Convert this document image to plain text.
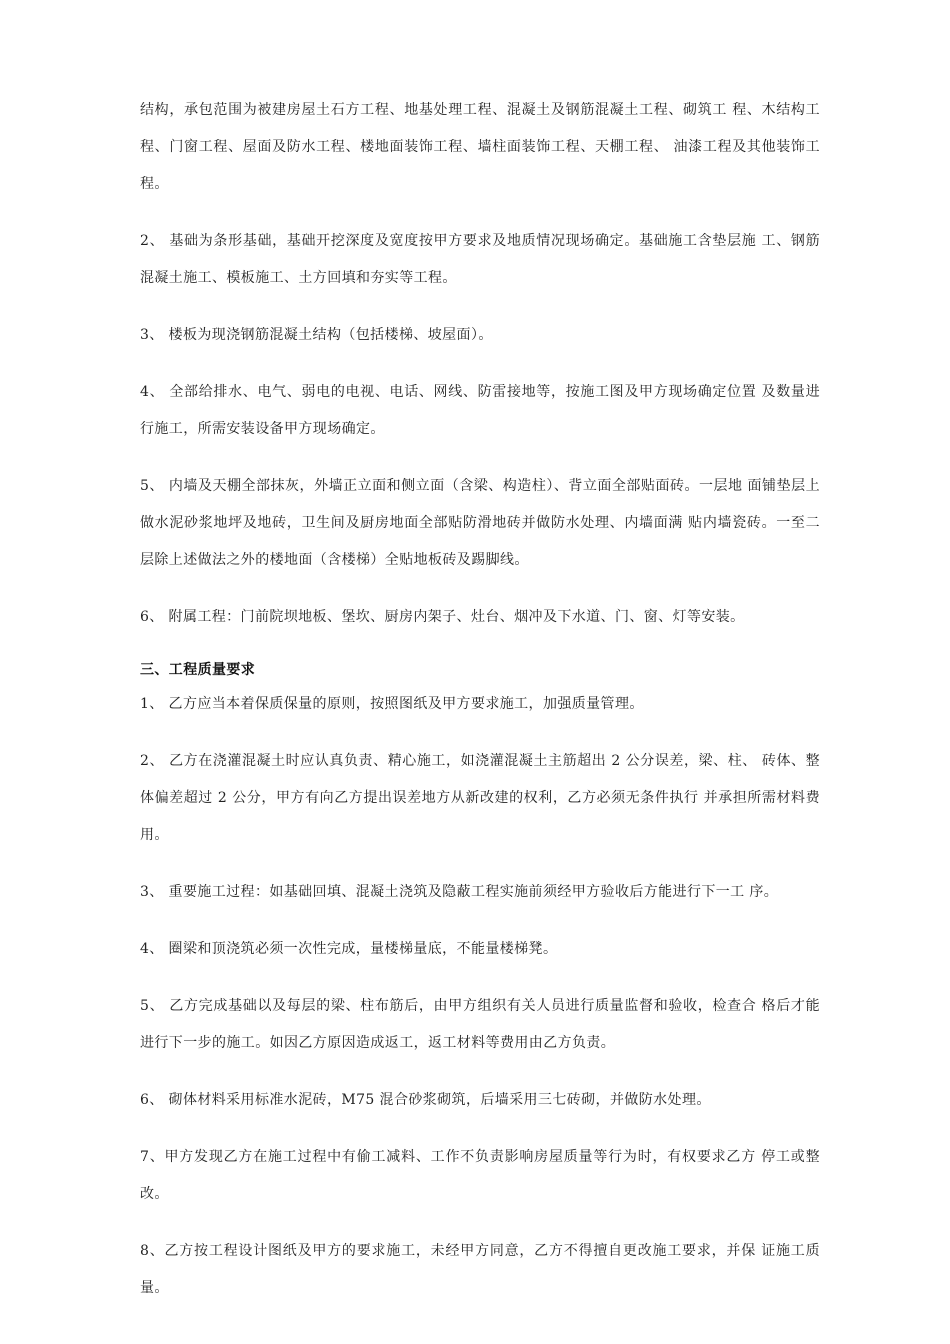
结构，承包范围为被建房屋土石方工程、地基处理工程、混凝土及钢筋混凝土工程、砌筑工 程、木结构工程、门窗工程、屋面及防水工程、楼地面装饰工程、墙柱面装饰工程、天棚工程、 油漆工程及其他装饰工程。

2、 基础为条形基础，基础开挖深度及宽度按甲方要求及地质情况现场确定。基础施工含垫层施 工、钢筋混凝土施工、模板施工、土方回填和夯实等工程。

3、 楼板为现浇钢筋混凝土结构（包括楼梯、坡屋面）。

4、 全部给排水、电气、弱电的电视、电话、网线、防雷接地等，按施工图及甲方现场确定位置 及数量进行施工，所需安装设备甲方现场确定。

5、 内墙及天棚全部抹灰，外墙正立面和侧立面（含梁、构造柱）、背立面全部贴面砖。一层地 面铺垫层上做水泥砂浆地坪及地砖，卫生间及厨房地面全部贴防滑地砖并做防水处理、内墙面满 贴内墙瓷砖。一至二层除上述做法之外的楼地面（含楼梯）全贴地板砖及踢脚线。

6、 附属工程：门前院坝地板、堡坎、厨房内架子、灶台、烟冲及下水道、门、窗、灯等安装。

三、工程质量要求

1、 乙方应当本着保质保量的原则，按照图纸及甲方要求施工，加强质量管理。

2、 乙方在浇灌混凝土时应认真负责、精心施工，如浇灌混凝土主筋超出 2 公分误差，梁、柱、 砖体、整体偏差超过 2 公分，甲方有向乙方提出误差地方从新改建的权利，乙方必须无条件执行 并承担所需材料费用。

3、 重要施工过程：如基础回填、混凝土浇筑及隐蔽工程实施前须经甲方验收后方能进行下一工 序。

4、 圈梁和顶浇筑必须一次性完成，量楼梯量底，不能量楼梯凳。

5、 乙方完成基础以及每层的梁、柱布筋后，由甲方组织有关人员进行质量监督和验收，检查合 格后才能进行下一步的施工。如因乙方原因造成返工，返工材料等费用由乙方负责。

6、 砌体材料采用标准水泥砖，M75 混合砂浆砌筑，后墙采用三七砖砌，并做防水处理。

7、甲方发现乙方在施工过程中有偷工减料、工作不负责影响房屋质量等行为时，有权要求乙方 停工或整改。

8、乙方按工程设计图纸及甲方的要求施工，未经甲方同意，乙方不得擅自更改施工要求，并保 证施工质量。
